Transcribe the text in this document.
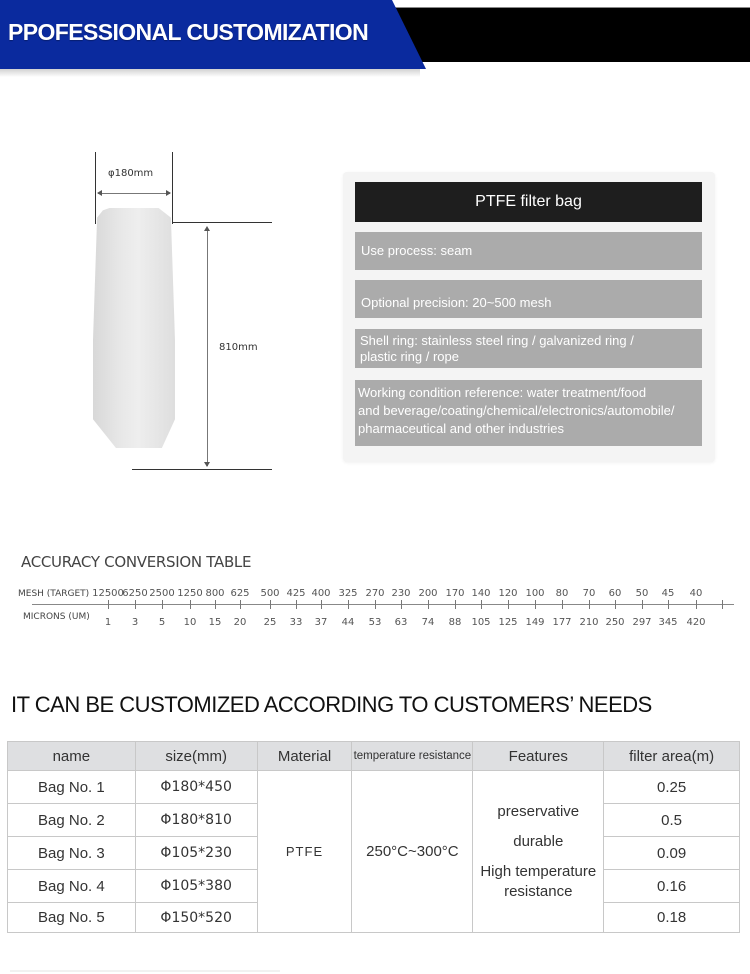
PPOFESSIONAL CUSTOMIZATION
φ180mm
810mm
PTFE filter bag
Use process: seam
Optional precision: 20~500 mesh
Shell ring: stainless steel ring / galvanized ring /
plastic ring / rope
Working condition reference: water treatment/food
and beverage/coating/chemical/electronics/automobile/
pharmaceutical and other industries
ACCURACY CONVERSION TABLE
MESH (TARGET)
MICRONS (UM)
12500
1
6250
3
2500
5
1250
10
800
15
625
20
500
25
425
33
400
37
325
44
270
53
230
63
200
74
170
88
140
105
120
125
100
149
80
177
70
210
60
250
50
297
45
345
40
420
IT CAN BE CUSTOMIZED ACCORDING TO CUSTOMERS’ NEEDS
name	size(mm)	Material	temperature resistance	Features	filter area(m)
Bag No. 1	Φ180*450	PTFE	250°C~300°C	preservative
durable
High temperature
resistance	0.25
Bag No. 2	Φ180*810				0.5
Bag No. 3	Φ105*230				0.09
Bag No. 4	Φ105*380				0.16
Bag No. 5	Φ150*520				0.18
